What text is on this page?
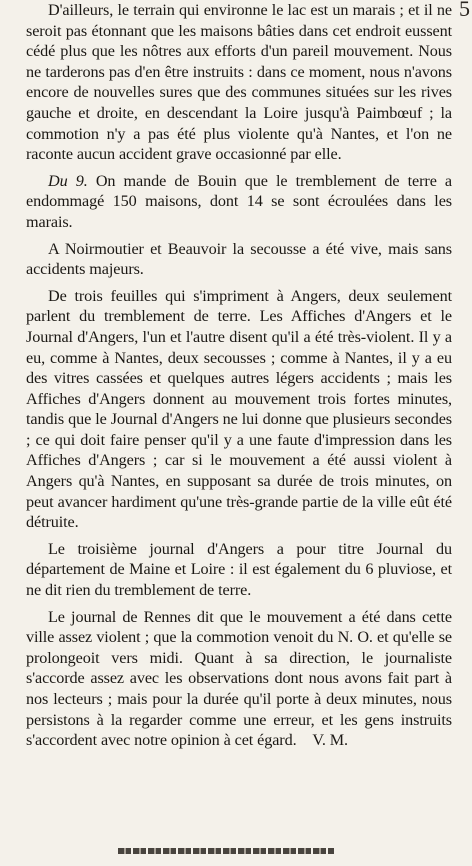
5

D'ailleurs, le terrain qui environne le lac est un marais ; et il ne seroit pas étonnant que les maisons bâties dans cet endroit eussent cédé plus que les nôtres aux efforts d'un pareil mouvement. Nous ne tarderons pas d'en être instruits : dans ce moment, nous n'avons encore de nouvelles sures que des communes situées sur les rives gauche et droite, en descendant la Loire jusqu'à Paimbœuf ; la commotion n'y a pas été plus violente qu'à Nantes, et l'on ne raconte aucun accident grave occasionné par elle.

Du 9. On mande de Bouin que le tremblement de terre a endommagé 150 maisons, dont 14 se sont écroulées dans les marais.

A Noirmoutier et Beauvoir la secousse a été vive, mais sans accidents majeurs.

De trois feuilles qui s'impriment à Angers, deux seulement parlent du tremblement de terre. Les Affiches d'Angers et le Journal d'Angers, l'un et l'autre disent qu'il a été très-violent. Il y a eu, comme à Nantes, deux secousses ; comme à Nantes, il y a eu des vitres cassées et quelques autres légers accidents ; mais les Affiches d'Angers donnent au mouvement trois fortes minutes, tandis que le Journal d'Angers ne lui donne que plusieurs secondes ; ce qui doit faire penser qu'il y a une faute d'impression dans les Affiches d'Angers ; car si le mouvement a été aussi violent à Angers qu'à Nantes, en supposant sa durée de trois minutes, on peut avancer hardiment qu'une très-grande partie de la ville eût été détruite.

Le troisième journal d'Angers a pour titre Journal du département de Maine et Loire : il est également du 6 pluviose, et ne dit rien du tremblement de terre.

Le journal de Rennes dit que le mouvement a été dans cette ville assez violent ; que la commotion venoit du N. O. et qu'elle se prolongeoit vers midi. Quant à sa direction, le journaliste s'accorde assez avec les observations dont nous avons fait part à nos lecteurs ; mais pour la durée qu'il porte à deux minutes, nous persistons à la regarder comme une erreur, et les gens instruits s'accordent avec notre opinion à cet égard. V. M.
